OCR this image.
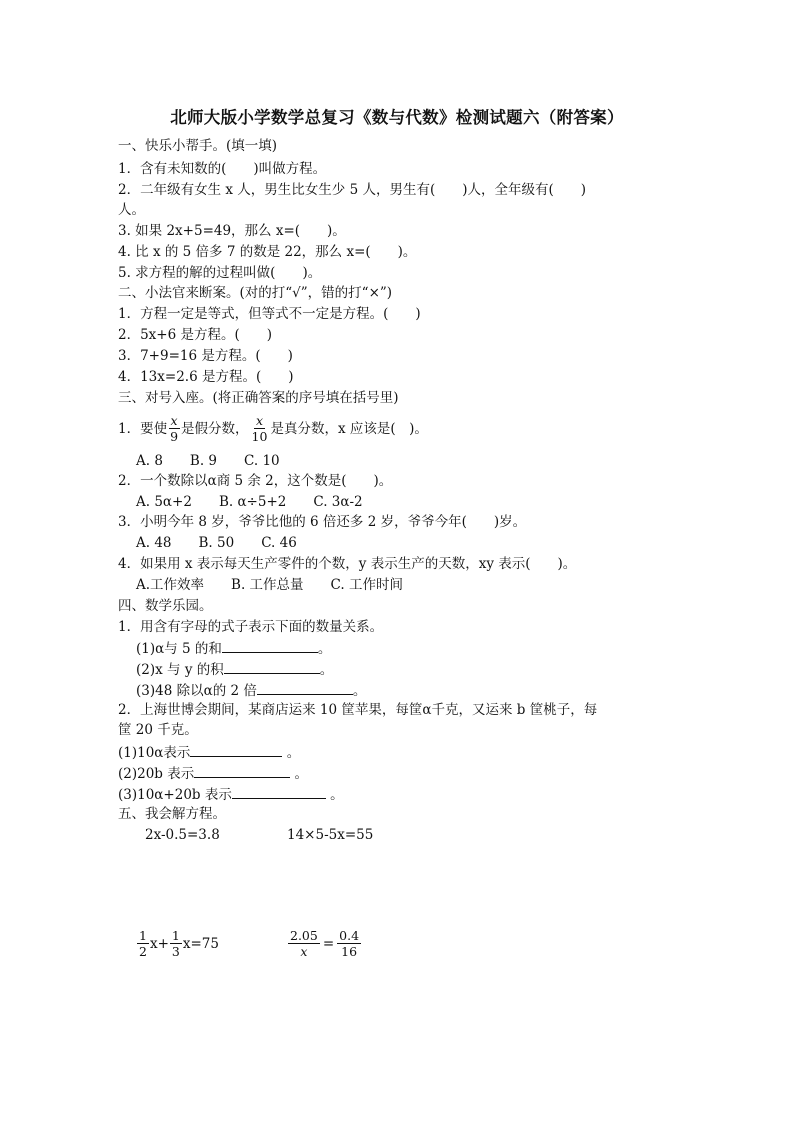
北师大版小学数学总复习《数与代数》检测试题六（附答案）
一、快乐小帮手。(填一填)
1．含有未知数的(　　)叫做方程。
2．二年级有女生 x 人，男生比女生少 5 人，男生有(　　)人，全年级有(　　)
人。
3. 如果 2x+5=49，那么 x=(　　)。
4. 比 x 的 5 倍多 7 的数是 22，那么 x=(　　)。
5. 求方程的解的过程叫做(　　)。
二、小法官来断案。(对的打“√”，错的打“×”)
1．方程一定是等式，但等式不一定是方程。(　　)
2．5x+6 是方程。(　　)
3．7+9=16 是方程。(　　)
4．13x=2.6 是方程。(　　)
三、对号入座。(将正确答案的序号填在括号里)
1．要使 $\frac{x}{9}$ 是假分数， $\frac{x}{10}$ 是真分数，x 应该是(　)。
A. 8　　B. 9　　C. 10
2．一个数除以α商 5 余 2，这个数是(　　)。
A. 5α+2　　B. α÷5+2　　C. 3α-2
3．小明今年 8 岁，爷爷比他的 6 倍还多 2 岁，爷爷今年(　　)岁。
A. 48　　B. 50　　C. 46
4．如果用 x 表示每天生产零件的个数，y 表示生产的天数，xy 表示(　　)。
A.工作效率　　B. 工作总量　　C. 工作时间
四、数学乐园。
1．用含有字母的式子表示下面的数量关系。
(1)α与 5 的和	。
(2)x 与 y 的积	。
(3)48 除以α的 2 倍	。
2．上海世博会期间，某商店运来 10 筐苹果，每筐α千克，又运来 b 筐桃子，每
筐 20 千克。
(1)10α表示	。
(2)20b 表示	。
(3)10α+20b 表示	。
五、我会解方程。
2x-0.5=3.8	14×5-5x=55
$\frac{1}{2} x+ \frac{1}{3} x=75$	$\frac{2.05}{x} = \frac{0.4}{16}$
